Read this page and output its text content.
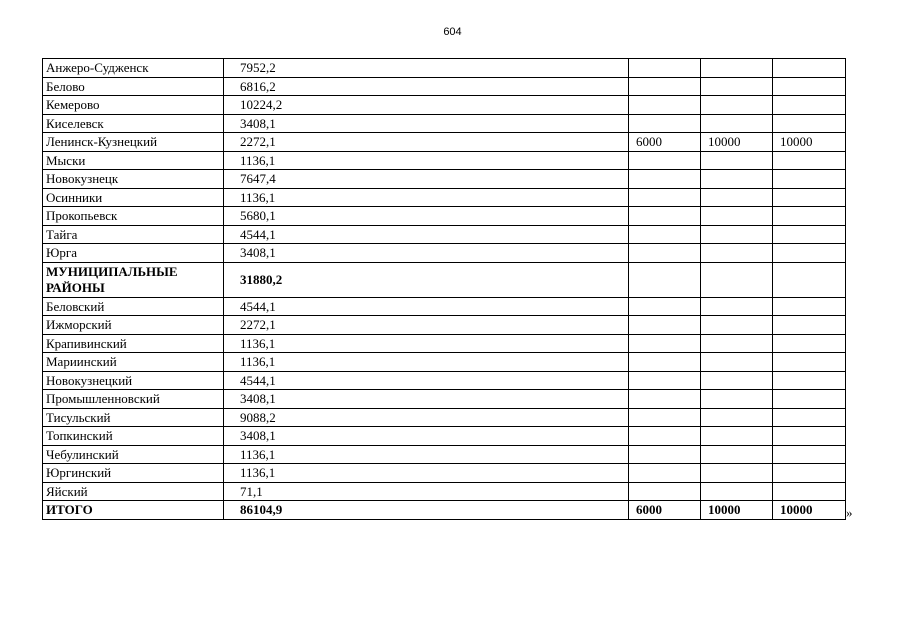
604
Анжеро-Судженск	7952,2			
Белово	6816,2			
Кемерово	10224,2			
Киселевск	3408,1			
Ленинск-Кузнецкий	2272,1	6000	10000	10000
Мыски	1136,1			
Новокузнецк	7647,4			
Осинники	1136,1			
Прокопьевск	5680,1			
Тайга	4544,1			
Юрга	3408,1			
МУНИЦИПАЛЬНЫЕ РАЙОНЫ	31880,2			
Беловский	4544,1			
Ижморский	2272,1			
Крапивинский	1136,1			
Мариинский	1136,1			
Новокузнецкий	4544,1			
Промышленновский	3408,1			
Тисульский	9088,2			
Топкинский	3408,1			
Чебулинский	1136,1			
Юргинский	1136,1			
Яйский	71,1			
ИТОГО	86104,9	6000	10000	10000	»
